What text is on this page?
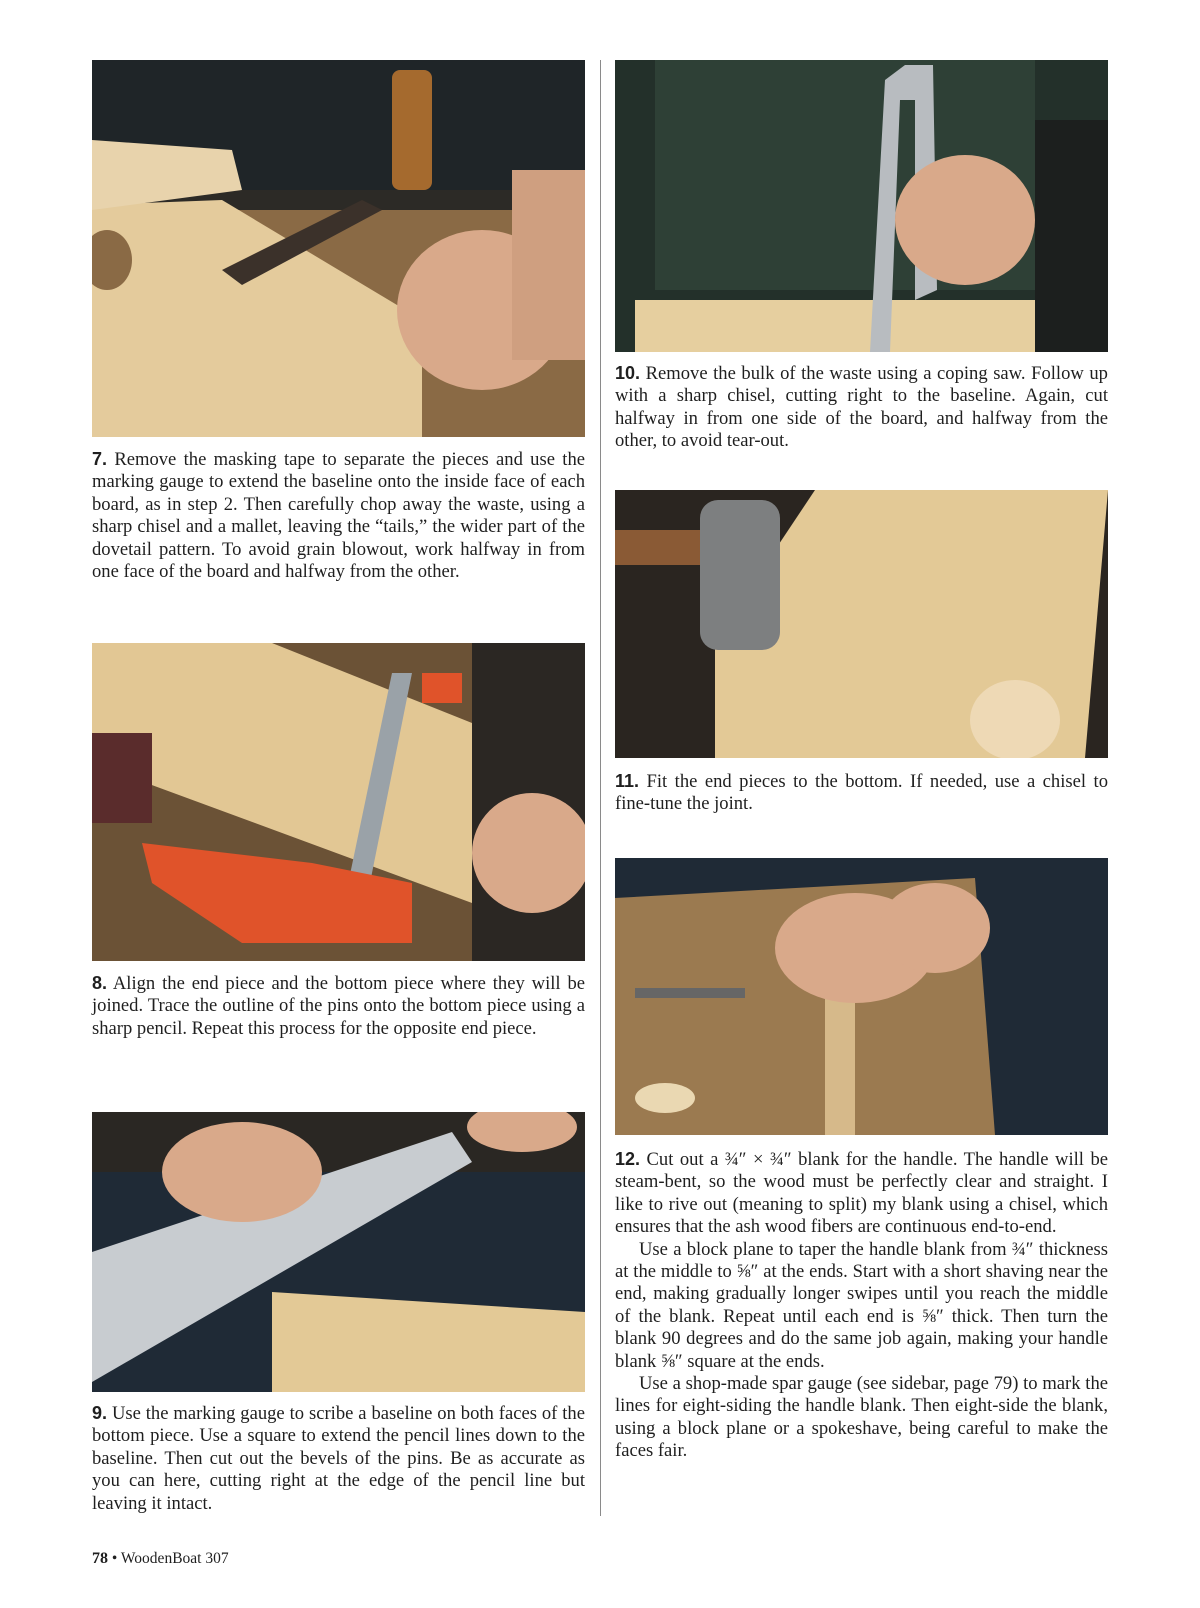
7. Remove the masking tape to separate the pieces and use the marking gauge to extend the baseline onto the inside face of each board, as in step 2. Then carefully chop away the waste, using a sharp chisel and a mallet, leaving the “tails,” the wider part of the dovetail pattern. To avoid grain blowout, work halfway in from one face of the board and halfway from the other.

8. Align the end piece and the bottom piece where they will be joined. Trace the outline of the pins onto the bottom piece using a sharp pencil. Repeat this process for the opposite end piece.

9. Use the marking gauge to scribe a baseline on both faces of the bottom piece. Use a square to extend the pencil lines down to the baseline. Then cut out the bevels of the pins. Be as accurate as you can here, cutting right at the edge of the pencil line but leaving it intact.

10. Remove the bulk of the waste using a coping saw. Follow up with a sharp chisel, cutting right to the baseline. Again, cut halfway in from one side of the board, and halfway from the other, to avoid tear-out.

11. Fit the end pieces to the bottom. If needed, use a chisel to fine-tune the joint.

12. Cut out a ¾″ × ¾″ blank for the handle. The handle will be steam-bent, so the wood must be perfectly clear and straight. I like to rive out (meaning to split) my blank using a chisel, which ensures that the ash wood fibers are continuous end-to-end.

Use a block plane to taper the handle blank from ¾″ thickness at the middle to ⅝″ at the ends. Start with a short shaving near the end, making gradually longer swipes until you reach the middle of the blank. Repeat until each end is ⅝″ thick. Then turn the blank 90 degrees and do the same job again, making your handle blank ⅝″ square at the ends.

Use a shop-made spar gauge (see sidebar, page 79) to mark the lines for eight-siding the handle blank. Then eight-side the blank, using a block plane or a spokeshave, being careful to make the faces fair.

78 • WoodenBoat 307
